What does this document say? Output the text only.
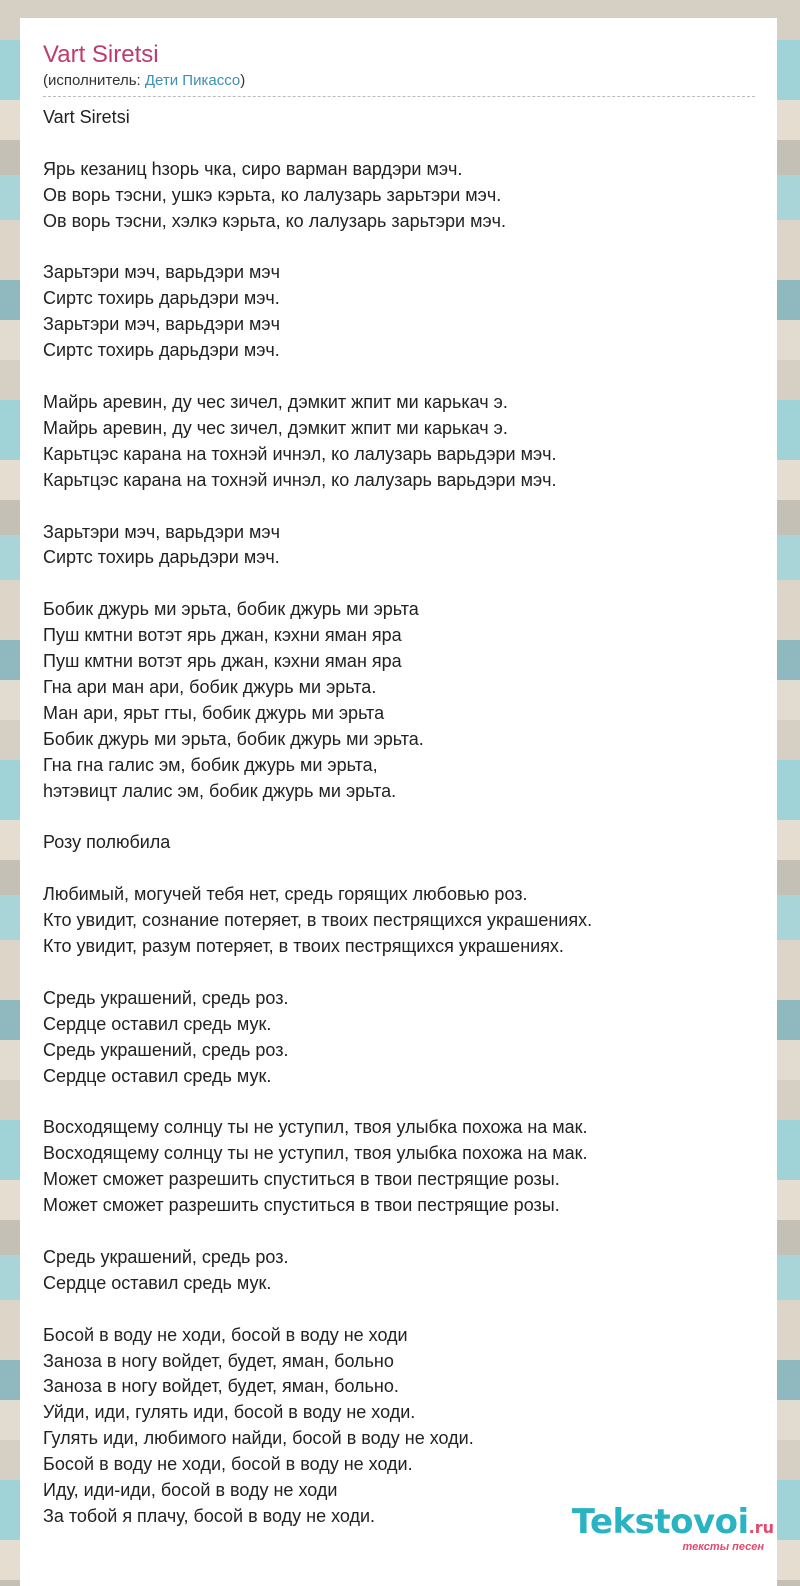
Vart Siretsi
(исполнитель: Дети Пикассо)
Vart Siretsi

Ярь кезаниц hзорь чка, сиро варман вардэри мэч.
Ов ворь тэсни, ушкэ кэрьта, ко лалузарь зарьтэри мэч.
Ов ворь тэсни, хэлкэ кэрьта, ко лалузарь зарьтэри мэч.

Зарьтэри мэч, варьдэри мэч
Сиртс тохирь дарьдэри мэч.
Зарьтэри мэч, варьдэри мэч
Сиртс тохирь дарьдэри мэч.

Майрь аревин, ду чес зичел, дэмкит жпит ми карькач э.
Майрь аревин, ду чес зичел, дэмкит жпит ми карькач э.
Карьтцэс карана на тохнэй ичнэл, ко лалузарь варьдэри мэч.
Карьтцэс карана на тохнэй ичнэл, ко лалузарь варьдэри мэч.

Зарьтэри мэч, варьдэри мэч
Сиртс тохирь дарьдэри мэч.

Бобик джурь ми эрьта, бобик джурь ми эрьта
Пуш кмтни вотэт ярь джан, кэхни яман яра
Пуш кмтни вотэт ярь джан, кэхни яман яра
Гна ари ман ари, бобик джурь ми эрьта.
Ман ари, ярьт гты, бобик джурь ми эрьта
Бобик джурь ми эрьта, бобик джурь ми эрьта.
Гна гна галис эм, бобик джурь ми эрьта,
hэтэвицт лалис эм, бобик джурь ми эрьта.

Розу полюбила

Любимый, могучей тебя нет, средь горящих любовью роз.
Кто увидит, сознание потеряет, в твоих пестрящихся украшениях.
Кто увидит, разум потеряет, в твоих пестрящихся украшениях.

Средь украшений, средь роз.
Сердце оставил средь мук.
Средь украшений, средь роз.
Сердце оставил средь мук.

Восходящему солнцу ты не уступил, твоя улыбка похожа на мак.
Восходящему солнцу ты не уступил, твоя улыбка похожа на мак.
Может сможет разрешить спуститься в твои пестрящие розы.
Может сможет разрешить спуститься в твои пестрящие розы.

Средь украшений, средь роз.
Сердце оставил средь мук.

Босой в воду не ходи, босой в воду не ходи
Заноза в ногу войдет, будет, яман, больно
Заноза в ногу войдет, будет, яман, больно.
Уйди, иди, гулять иди, босой в воду не ходи.
Гулять иди, любимого найди, босой в воду не ходи.
Босой в воду не ходи, босой в воду не ходи.
Иду, иди-иди, босой в воду не ходи
За тобой я плачу, босой в воду не ходи.	Tekstovoi.ru
тексты песен
